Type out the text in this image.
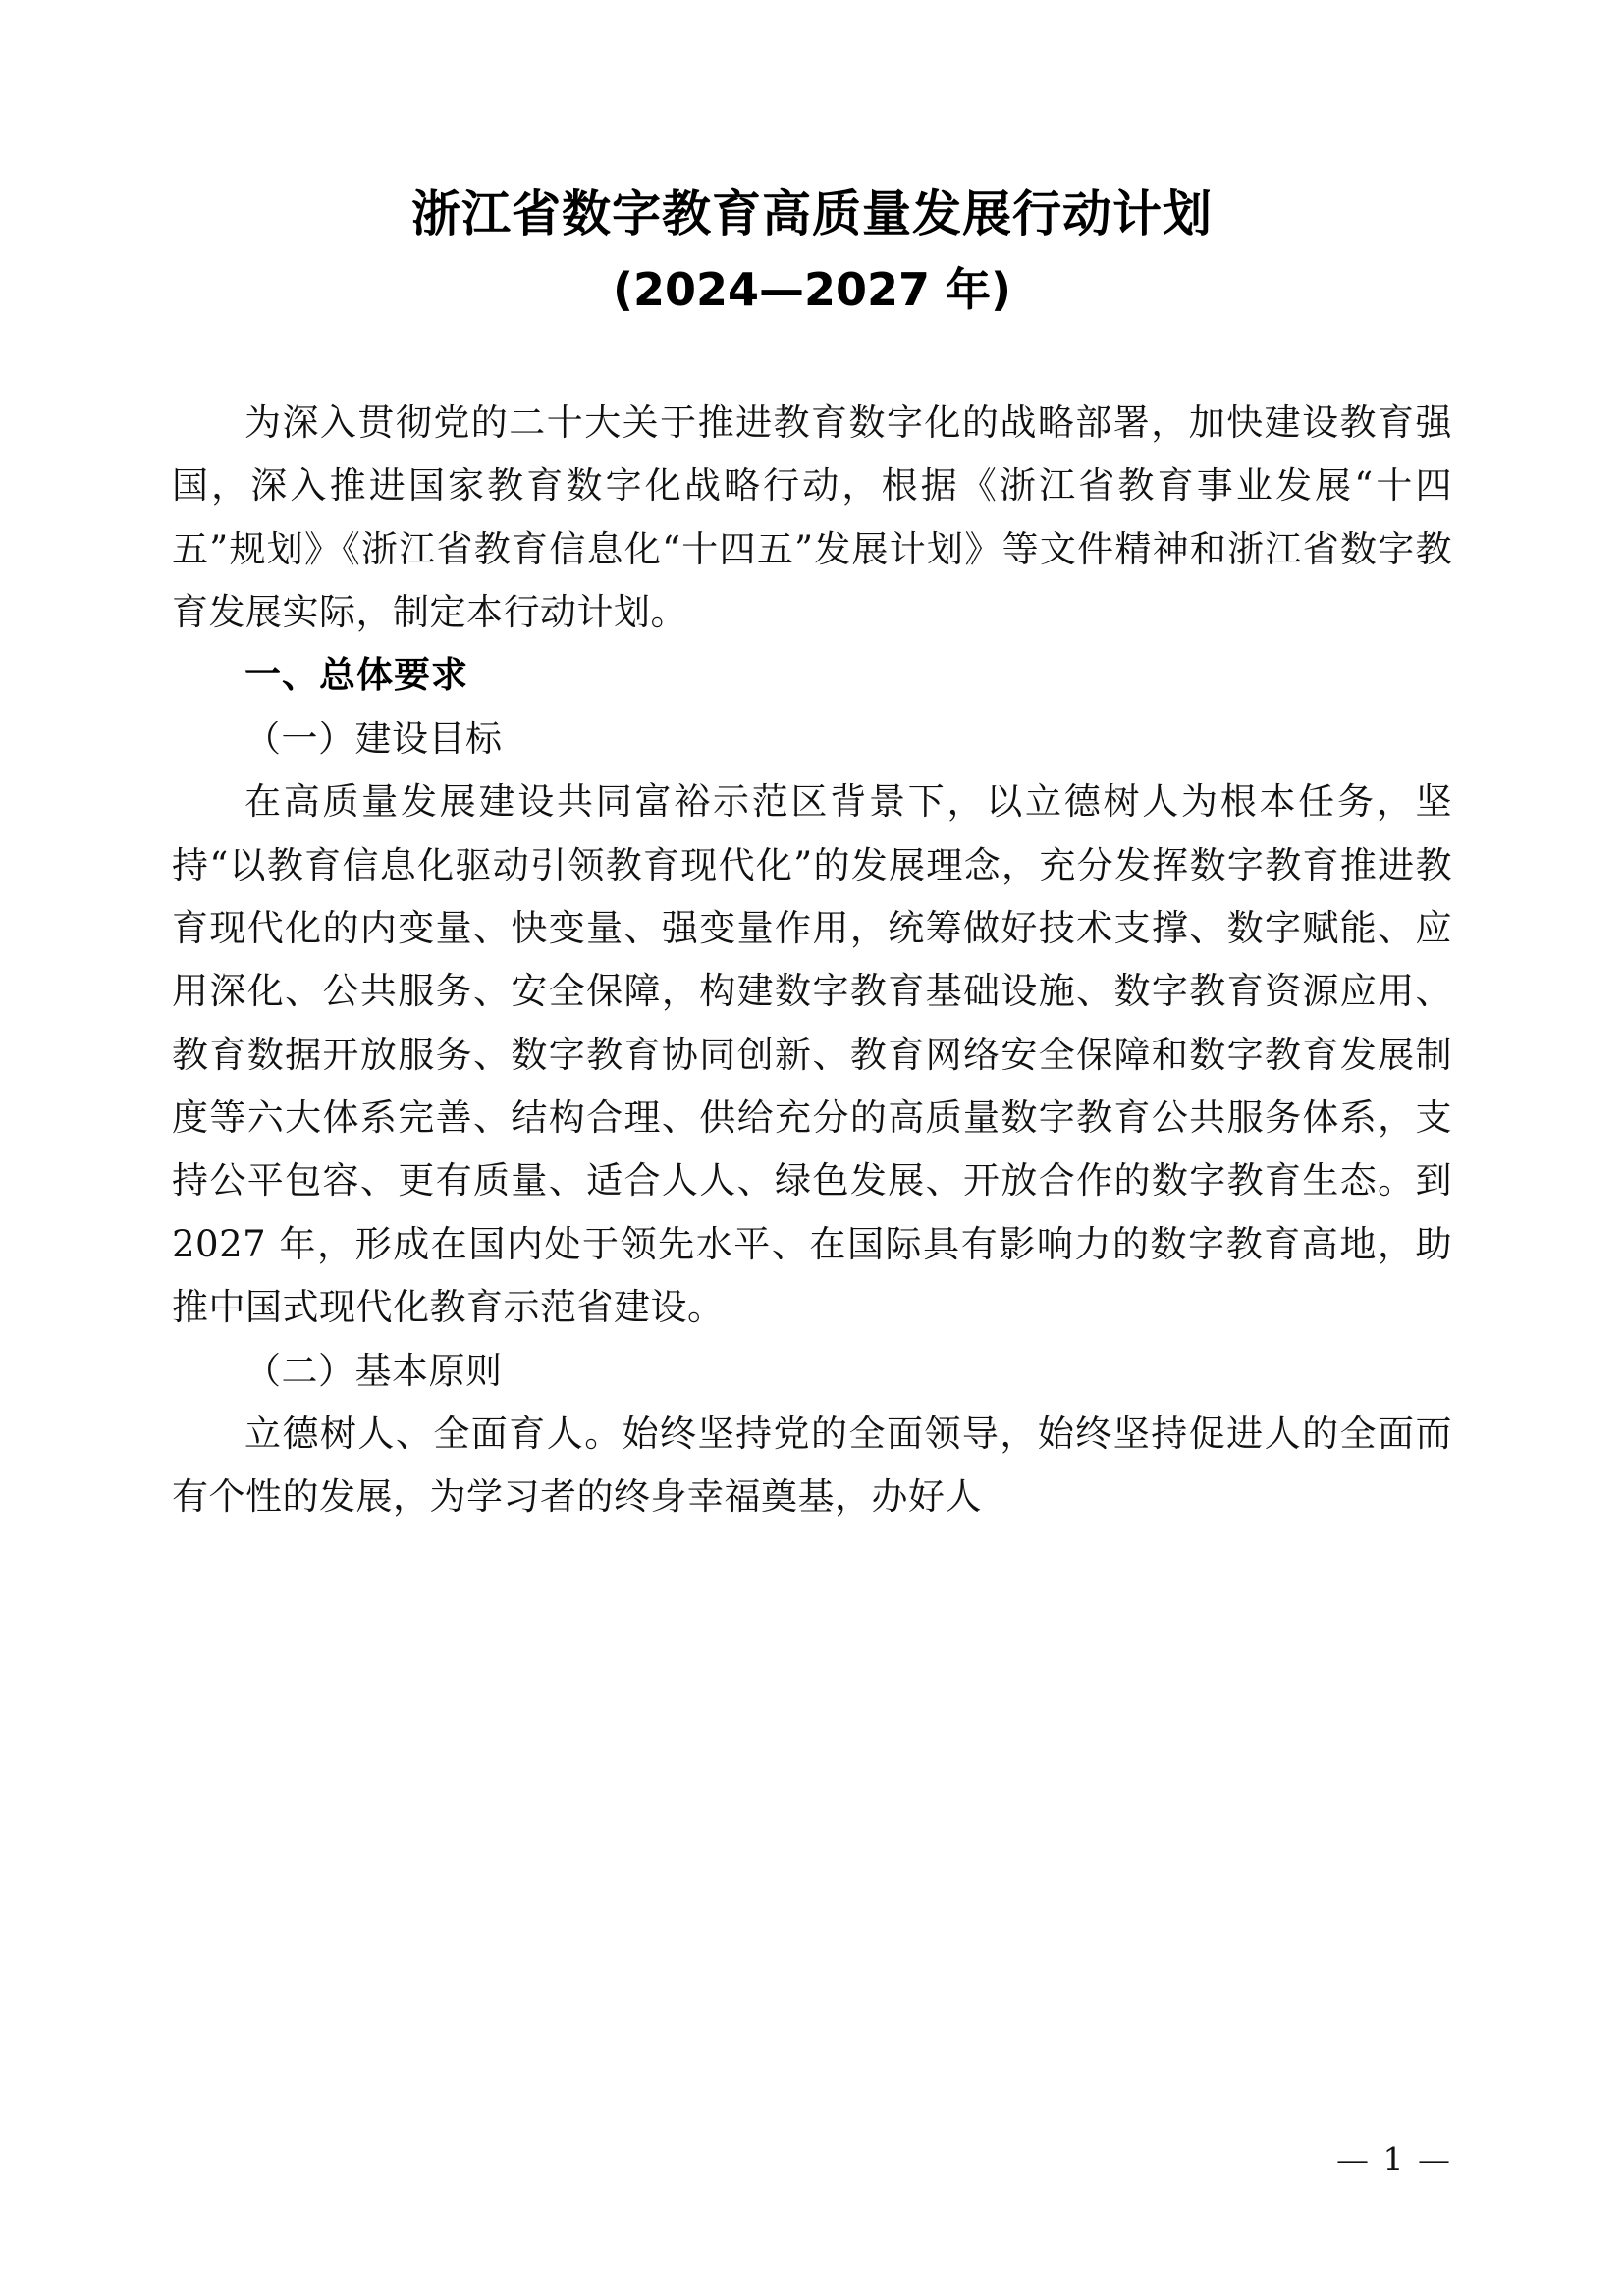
浙江省数字教育高质量发展行动计划
(2024—2027 年)

为深入贯彻党的二十大关于推进教育数字化的战略部署，加快建设教育强国，深入推进国家教育数字化战略行动，根据《浙江省教育事业发展“十四五”规划》《浙江省教育信息化“十四五”发展计划》等文件精神和浙江省数字教育发展实际，制定本行动计划。

一、总体要求

（一）建设目标

在高质量发展建设共同富裕示范区背景下，以立德树人为根本任务，坚持“以教育信息化驱动引领教育现代化”的发展理念，充分发挥数字教育推进教育现代化的内变量、快变量、强变量作用，统筹做好技术支撑、数字赋能、应用深化、公共服务、安全保障，构建数字教育基础设施、数字教育资源应用、教育数据开放服务、数字教育协同创新、教育网络安全保障和数字教育发展制度等六大体系完善、结构合理、供给充分的高质量数字教育公共服务体系，支持公平包容、更有质量、适合人人、绿色发展、开放合作的数字教育生态。到 2027 年，形成在国内处于领先水平、在国际具有影响力的数字教育高地，助推中国式现代化教育示范省建设。

（二）基本原则

立德树人、全面育人。始终坚持党的全面领导，始终坚持促进人的全面而有个性的发展，为学习者的终身幸福奠基，办好人

— 1 —
